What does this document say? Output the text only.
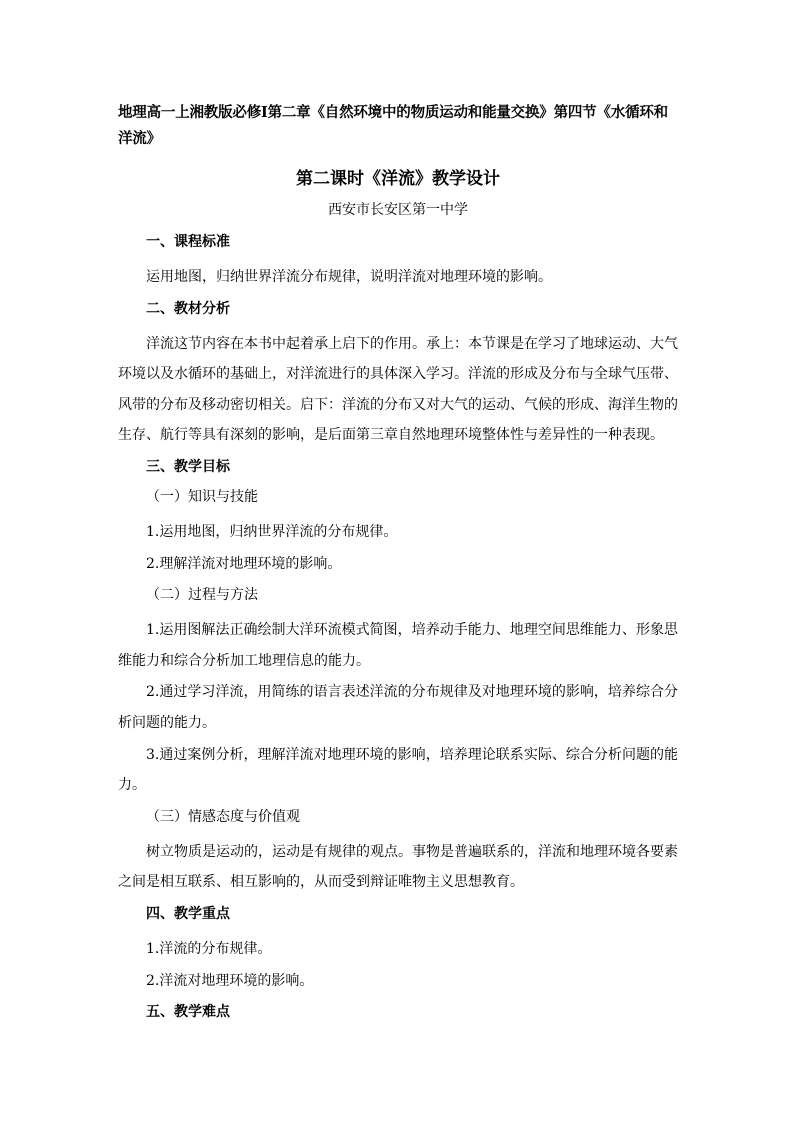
地理高一上湘教版必修Ⅰ第二章《自然环境中的物质运动和能量交换》第四节《水循环和洋流》

第二课时《洋流》教学设计

西安市长安区第一中学

一、课程标准

运用地图，归纳世界洋流分布规律，说明洋流对地理环境的影响。

二、教材分析

洋流这节内容在本书中起着承上启下的作用。承上：本节课是在学习了地球运动、大气环境以及水循环的基础上，对洋流进行的具体深入学习。洋流的形成及分布与全球气压带、风带的分布及移动密切相关。启下：洋流的分布又对大气的运动、气候的形成、海洋生物的生存、航行等具有深刻的影响，是后面第三章自然地理环境整体性与差异性的一种表现。

三、教学目标

（一）知识与技能

1.运用地图，归纳世界洋流的分布规律。

2.理解洋流对地理环境的影响。

（二）过程与方法

1.运用图解法正确绘制大洋环流模式简图，培养动手能力、地理空间思维能力、形象思维能力和综合分析加工地理信息的能力。

2.通过学习洋流，用简练的语言表述洋流的分布规律及对地理环境的影响，培养综合分析问题的能力。

3.通过案例分析，理解洋流对地理环境的影响，培养理论联系实际、综合分析问题的能力。

（三）情感态度与价值观

树立物质是运动的，运动是有规律的观点。事物是普遍联系的，洋流和地理环境各要素之间是相互联系、相互影响的，从而受到辩证唯物主义思想教育。

四、教学重点

1.洋流的分布规律。

2.洋流对地理环境的影响。

五、教学难点
